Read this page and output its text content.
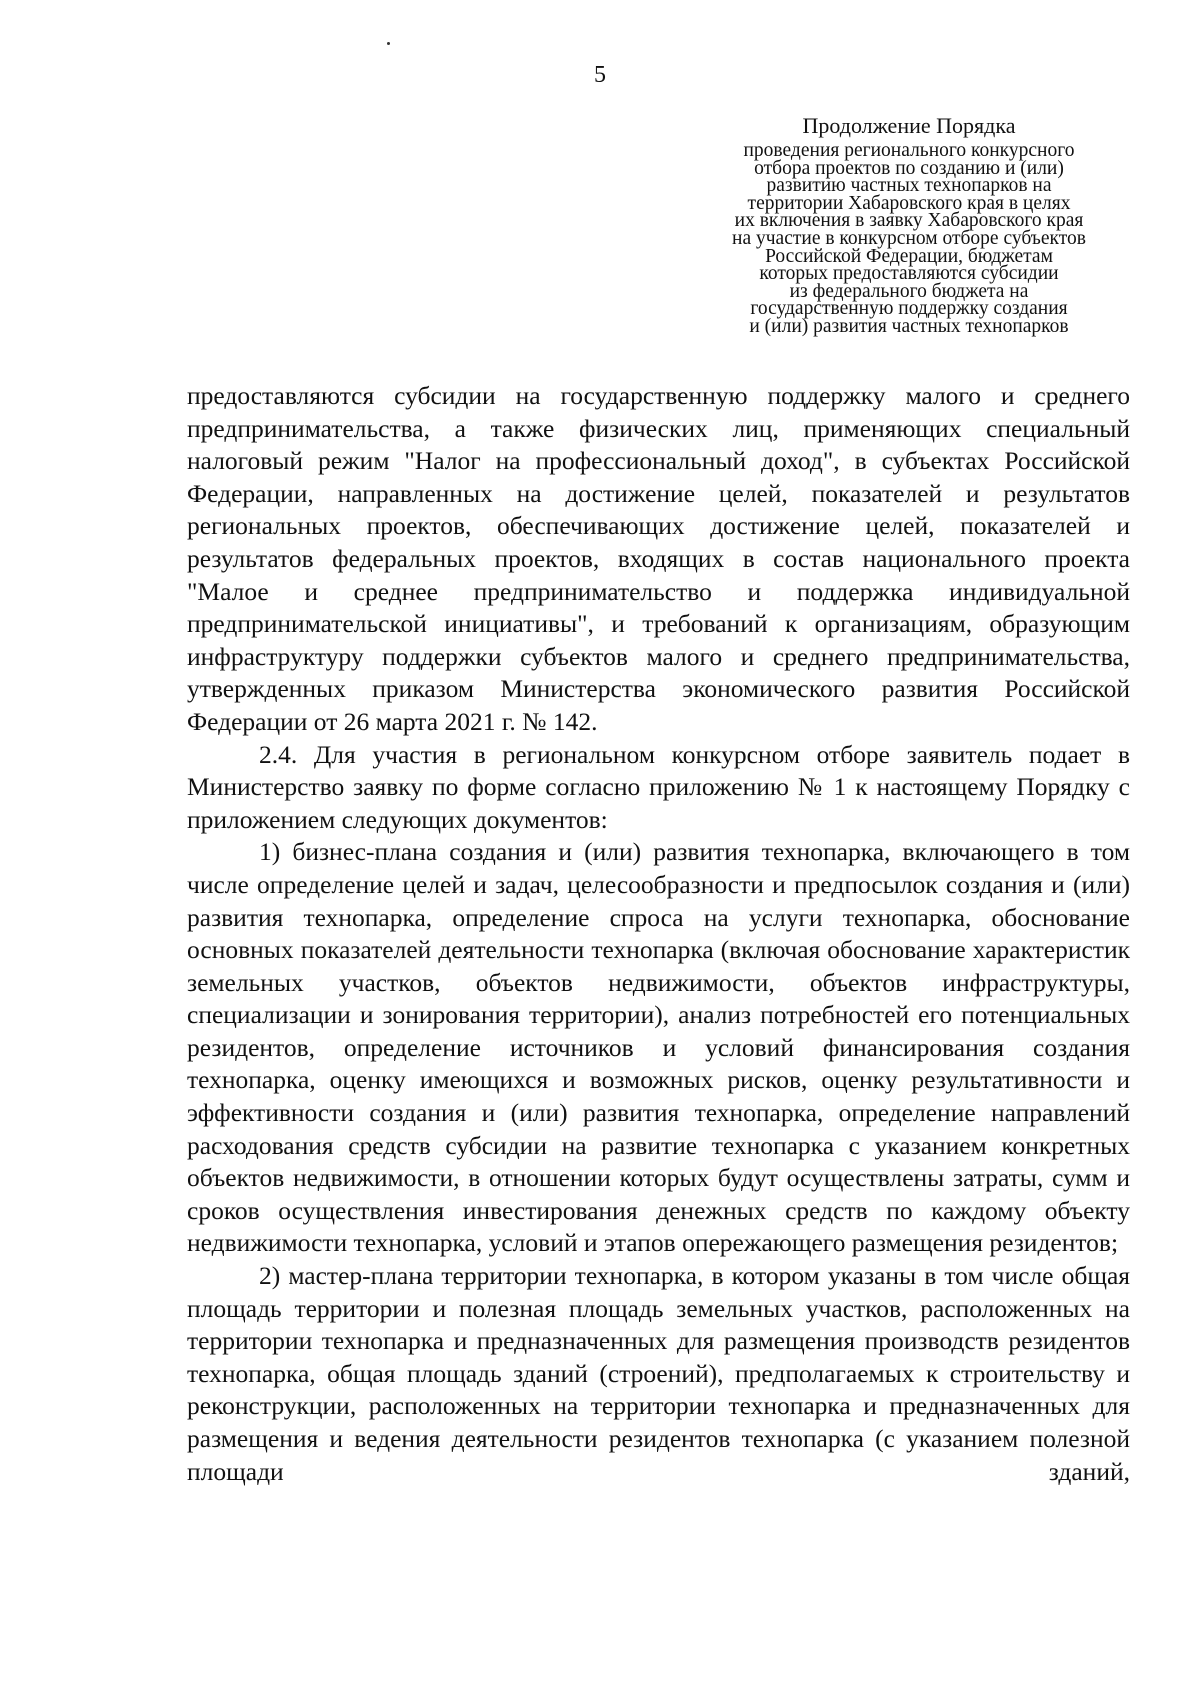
5
Продолжение Порядка
проведения регионального конкурсного
отбора проектов по созданию и (или)
развитию частных технопарков на
территории Хабаровского края в целях
их включения в заявку Хабаровского края
на участие в конкурсном отборе субъектов
Российской Федерации, бюджетам
которых предоставляются субсидии
из федерального бюджета на
государственную поддержку создания
и (или) развития частных технопарков

предоставляются субсидии на государственную поддержку малого и среднего предпринимательства, а также физических лиц, применяющих специальный налоговый режим "Налог на профессиональный доход", в субъектах Российской Федерации, направленных на достижение целей, показателей и результатов региональных проектов, обеспечивающих достижение целей, показателей и результатов федеральных проектов, входящих в состав национального проекта "Малое и среднее предпринимательство и поддержка индивидуальной предпринимательской инициативы", и требований к организациям, образующим инфраструктуру поддержки субъектов малого и среднего предпринимательства, утвержденных приказом Министерства экономического развития Российской Федерации от 26 марта 2021 г. № 142.

2.4. Для участия в региональном конкурсном отборе заявитель подает в Министерство заявку по форме согласно приложению № 1 к настоящему Порядку с приложением следующих документов:

1) бизнес-плана создания и (или) развития технопарка, включающего в том числе определение целей и задач, целесообразности и предпосылок создания и (или) развития технопарка, определение спроса на услуги технопарка, обоснование основных показателей деятельности технопарка (включая обоснование характеристик земельных участков, объектов недвижимости, объектов инфраструктуры, специализации и зонирования территории), анализ потребностей его потенциальных резидентов, определение источников и условий финансирования создания технопарка, оценку имеющихся и возможных рисков, оценку результативности и эффективности создания и (или) развития технопарка, определение направлений расходования средств субсидии на развитие технопарка с указанием конкретных объектов недвижимости, в отношении которых будут осуществлены затраты, сумм и сроков осуществления инвестирования денежных средств по каждому объекту недвижимости технопарка, условий и этапов опережающего размещения резидентов;

2) мастер-плана территории технопарка, в котором указаны в том числе общая площадь территории и полезная площадь земельных участков, расположенных на территории технопарка и предназначенных для размещения производств резидентов технопарка, общая площадь зданий (строений), предполагаемых к строительству и реконструкции, расположенных на территории технопарка и предназначенных для размещения и ведения деятельности резидентов технопарка (с указанием полезной площади зданий,
